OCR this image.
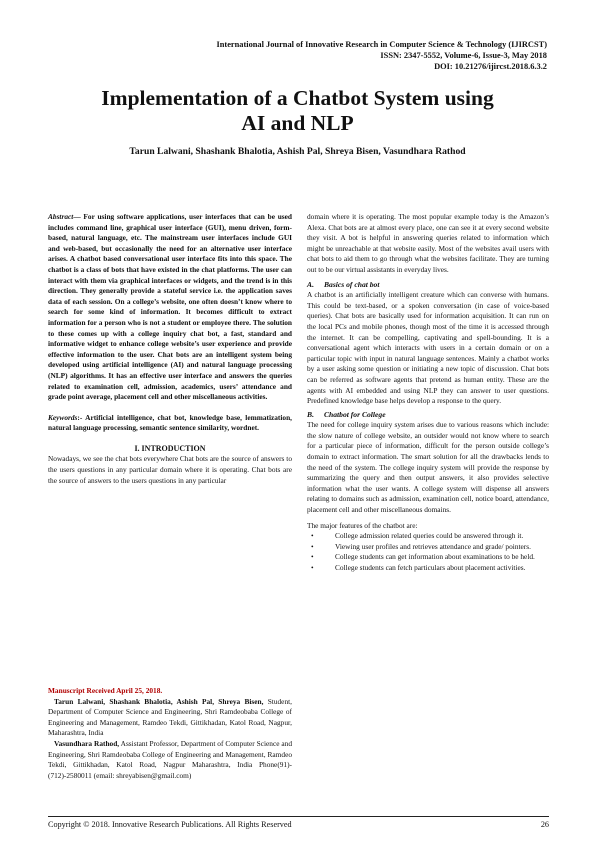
International Journal of Innovative Research in Computer Science & Technology (IJIRCST)
ISSN: 2347-5552, Volume-6, Issue-3, May 2018
DOI: 10.21276/ijircst.2018.6.3.2
Implementation of a Chatbot System using
AI and NLP
Tarun Lalwani, Shashank Bhalotia, Ashish Pal, Shreya Bisen, Vasundhara Rathod

Abstract— For using software applications, user interfaces that can be used includes command line, graphical user interface (GUI), menu driven, form-based, natural language, etc. The mainstream user interfaces include GUI and web-based, but occasionally the need for an alternative user interface arises. A chatbot based conversational user interface fits into this space. The chatbot is a class of bots that have existed in the chat platforms. The user can interact with them via graphical interfaces or widgets, and the trend is in this direction. They generally provide a stateful service i.e. the application saves data of each session. On a college’s website, one often doesn’t know where to search for some kind of information. It becomes difficult to extract information for a person who is not a student or employee there. The solution to these comes up with a college inquiry chat bot, a fast, standard and informative widget to enhance college website’s user experience and provide effective information to the user. Chat bots are an intelligent system being developed using artificial intelligence (AI) and natural language processing (NLP) algorithms. It has an effective user interface and answers the queries related to examination cell, admission, academics, users’ attendance and grade point average, placement cell and other miscellaneous activities.

Keywords:- Artificial intelligence, chat bot, knowledge base, lemmatization, natural language processing, semantic sentence similarity, wordnet.

I. INTRODUCTION

Nowadays, we see the chat bots everywhere Chat bots are the source of answers to the users questions in any particular domain where it is operating. Chat bots are the source of answers to the users questions in any particular

Manuscript Received April 25, 2018.

Tarun Lalwani, Shashank Bhalotia, Ashish Pal, Shreya Bisen, Student, Department of Computer Science and Engineering, Shri Ramdeobaba College of Engineering and Management, Ramdeo Tekdi, Gittikhadan, Katol Road, Nagpur, Maharashtra, India

Vasundhara Rathod, Assistant Professor, Department of Computer Science and Engineering, Shri Ramdeobaba College of Engineering and Management, Ramdeo Tekdi, Gittikhadan, Katol Road, Nagpur Maharashtra, India Phone(91)-(712)-2580011 (email: shreyabisen@gmail.com)

domain where it is operating. The most popular example today is the Amazon’s Alexa. Chat bots are at almost every place, one can see it at every second website they visit. A bot is helpful in answering queries related to information which might be unreachable at that website easily. Most of the websites avail users with chat bots to aid them to go through what the websites facilitate. They are turning out to be our virtual assistants in everyday lives.

A. Basics of chat bot

A chatbot is an artificially intelligent creature which can converse with humans. This could be text-based, or a spoken conversation (in case of voice-based queries). Chat bots are basically used for information acquisition. It can run on the local PCs and mobile phones, though most of the time it is accessed through the internet. It can be compelling, captivating and spell-bounding. It is a conversational agent which interacts with users in a certain domain or on a particular topic with input in natural language sentences. Mainly a chatbot works by a user asking some question or initiating a new topic of discussion. Chat bots can be referred as software agents that pretend as human entity. These are the agents with AI embedded and using NLP they can answer to user questions. Predefined knowledge base helps develop a response to the query.

B. Chatbot for College

The need for college inquiry system arises due to various reasons which include: the slow nature of college website, an outsider would not know where to search for a particular piece of information, difficult for the person outside college’s domain to extract information. The smart solution for all the drawbacks lends to the need of the system. The college inquiry system will provide the response by summarizing the query and then output answers, it also provides selective information what the user wants. A college system will dispense all answers relating to domains such as admission, examination cell, notice board, attendance, placement cell and other miscellaneous domains.

The major features of the chatbot are:

•	College admission related queries could be answered through it.
•	Viewing user profiles and retrieves attendance and grade/ pointers.
•	College students can get information about examinations to be held.
•	College students can fetch particulars about placement activities.
Copyright © 2018. Innovative Research Publications. All Rights Reserved	26
